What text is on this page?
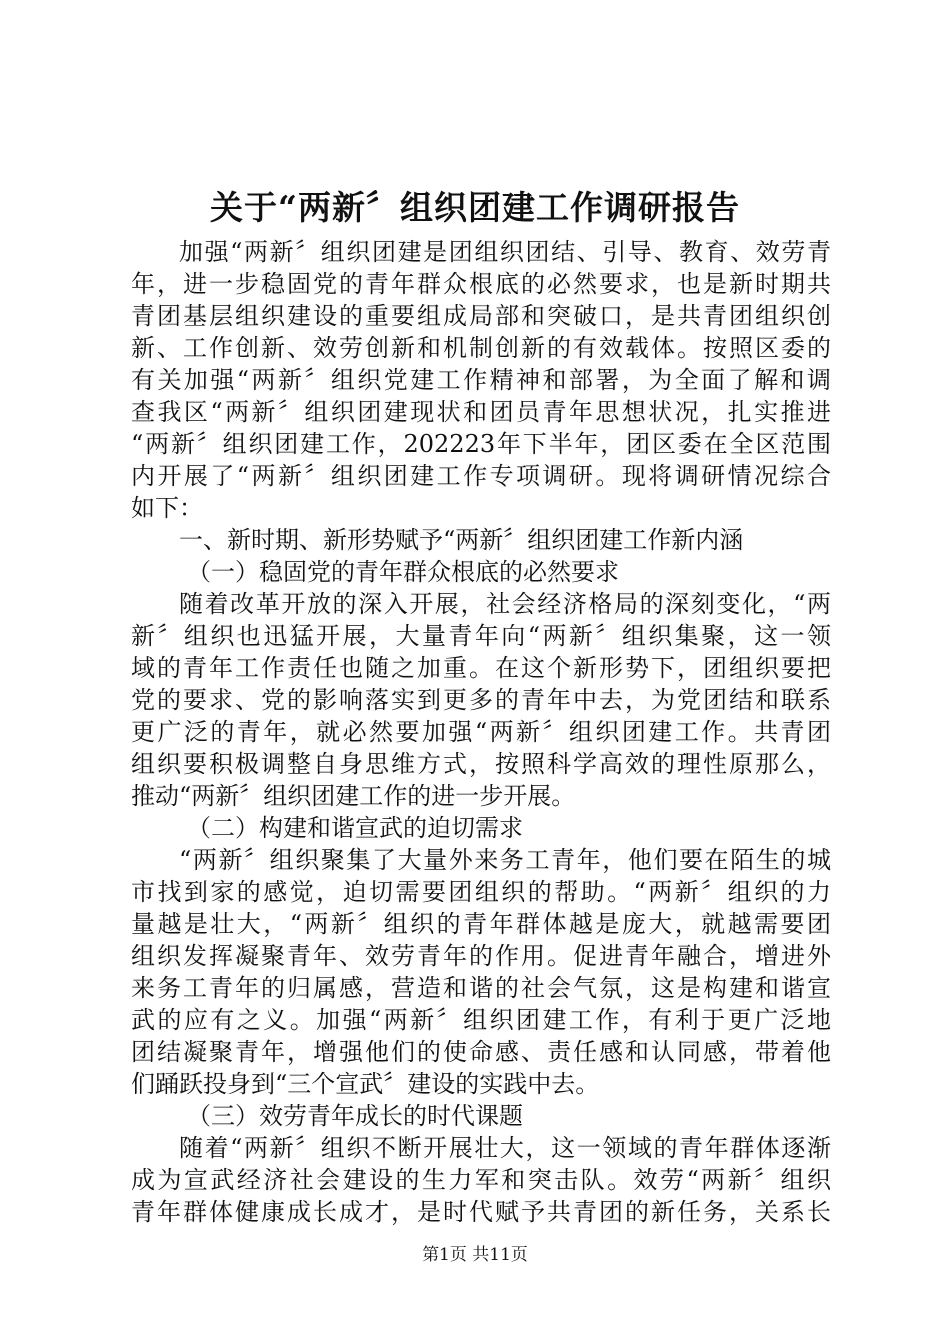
关于“两新〞组织团建工作调研报告
加强“两新〞组织团建是团组织团结、引导、教育、效劳青
年，进一步稳固党的青年群众根底的必然要求，也是新时期共
青团基层组织建设的重要组成局部和突破口，是共青团组织创
新、工作创新、效劳创新和机制创新的有效载体。按照区委的
有关加强“两新〞组织党建工作精神和部署，为全面了解和调
查我区“两新〞组织团建现状和团员青年思想状况，扎实推进
“两新〞组织团建工作，202223年下半年，团区委在全区范围
内开展了“两新〞组织团建工作专项调研。现将调研情况综合
如下：
一、新时期、新形势赋予“两新〞组织团建工作新内涵
（一）稳固党的青年群众根底的必然要求
随着改革开放的深入开展，社会经济格局的深刻变化，“两
新〞组织也迅猛开展，大量青年向“两新〞组织集聚，这一领
域的青年工作责任也随之加重。在这个新形势下，团组织要把
党的要求、党的影响落实到更多的青年中去，为党团结和联系
更广泛的青年，就必然要加强“两新〞组织团建工作。共青团
组织要积极调整自身思维方式，按照科学高效的理性原那么，
推动“两新〞组织团建工作的进一步开展。
（二）构建和谐宣武的迫切需求
“两新〞组织聚集了大量外来务工青年，他们要在陌生的城
市找到家的感觉，迫切需要团组织的帮助。“两新〞组织的力
量越是壮大，“两新〞组织的青年群体越是庞大，就越需要团
组织发挥凝聚青年、效劳青年的作用。促进青年融合，增进外
来务工青年的归属感，营造和谐的社会气氛，这是构建和谐宣
武的应有之义。加强“两新〞组织团建工作，有利于更广泛地
团结凝聚青年，增强他们的使命感、责任感和认同感，带着他
们踊跃投身到“三个宣武〞建设的实践中去。
（三）效劳青年成长的时代课题
随着“两新〞组织不断开展壮大，这一领域的青年群体逐渐
成为宣武经济社会建设的生力军和突击队。效劳“两新〞组织
青年群体健康成长成才，是时代赋予共青团的新任务，关系长
第1页 共11页
